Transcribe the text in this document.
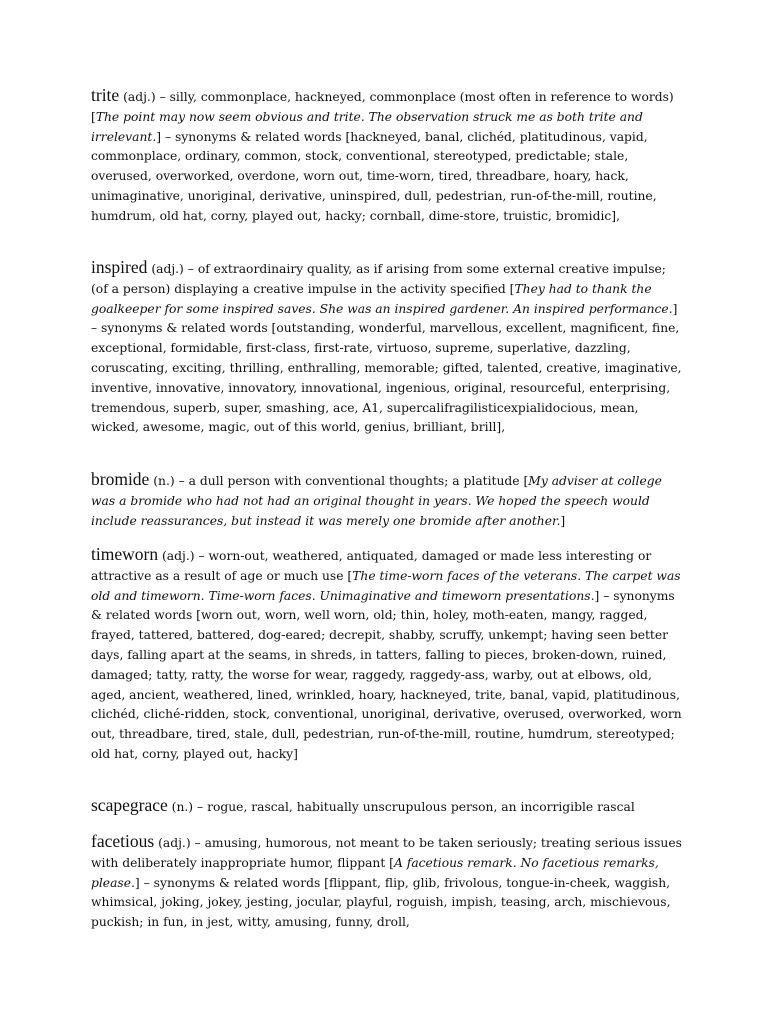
trite (adj.) – silly, commonplace, hackneyed, commonplace (most often in reference to words) [The point may now seem obvious and trite. The observation struck me as both trite and irrelevant.] – synonyms & related words [hackneyed, banal, clichéd, platitudinous, vapid, commonplace, ordinary, common, stock, conventional, stereotyped, predictable; stale, overused, overworked, overdone, worn out, time-worn, tired, threadbare, hoary, hack, unimaginative, unoriginal, derivative, uninspired, dull, pedestrian, run-of-the-mill, routine, humdrum, old hat, corny, played out, hacky; cornball, dime-store, truistic, bromidic],
inspired (adj.) – of extraordinairy quality, as if arising from some external creative impulse; (of a person) displaying a creative impulse in the activity specified [They had to thank the goalkeeper for some inspired saves. She was an inspired gardener. An inspired performance.] – synonyms & related words [outstanding, wonderful, marvellous, excellent, magnificent, fine, exceptional, formidable, first-class, first-rate, virtuoso, supreme, superlative, dazzling, coruscating, exciting, thrilling, enthralling, memorable; gifted, talented, creative, imaginative, inventive, innovative, innovatory, innovational, ingenious, original, resourceful, enterprising, tremendous, superb, super, smashing, ace, A1, supercalifragilisticexpialidocious, mean, wicked, awesome, magic, out of this world, genius, brilliant, brill],
bromide (n.) – a dull person with conventional thoughts; a platitude [My adviser at college was a bromide who had not had an original thought in years. We hoped the speech would include reassurances, but instead it was merely one bromide after another.]
timeworn (adj.) – worn-out, weathered, antiquated, damaged or made less interesting or attractive as a result of age or much use [The time-worn faces of the veterans. The carpet was old and timeworn. Time-worn faces. Unimaginative and timeworn presentations.] – synonyms & related words [worn out, worn, well worn, old; thin, holey, moth-eaten, mangy, ragged, frayed, tattered, battered, dog-eared; decrepit, shabby, scruffy, unkempt; having seen better days, falling apart at the seams, in shreds, in tatters, falling to pieces, broken-down, ruined, damaged; tatty, ratty, the worse for wear, raggedy, raggedy-ass, warby, out at elbows, old, aged, ancient, weathered, lined, wrinkled, hoary, hackneyed, trite, banal, vapid, platitudinous, clichéd, cliché-ridden, stock, conventional, unoriginal, derivative, overused, overworked, worn out, threadbare, tired, stale, dull, pedestrian, run-of-the-mill, routine, humdrum, stereotyped; old hat, corny, played out, hacky]
scapegrace (n.) – rogue, rascal, habitually unscrupulous person, an incorrigible rascal
facetious (adj.) – amusing, humorous, not meant to be taken seriously; treating serious issues with deliberately inappropriate humor, flippant [A facetious remark. No facetious remarks, please.] – synonyms & related words [flippant, flip, glib, frivolous, tongue-in-cheek, waggish, whimsical, joking, jokey, jesting, jocular, playful, roguish, impish, teasing, arch, mischievous, puckish; in fun, in jest, witty, amusing, funny, droll,
